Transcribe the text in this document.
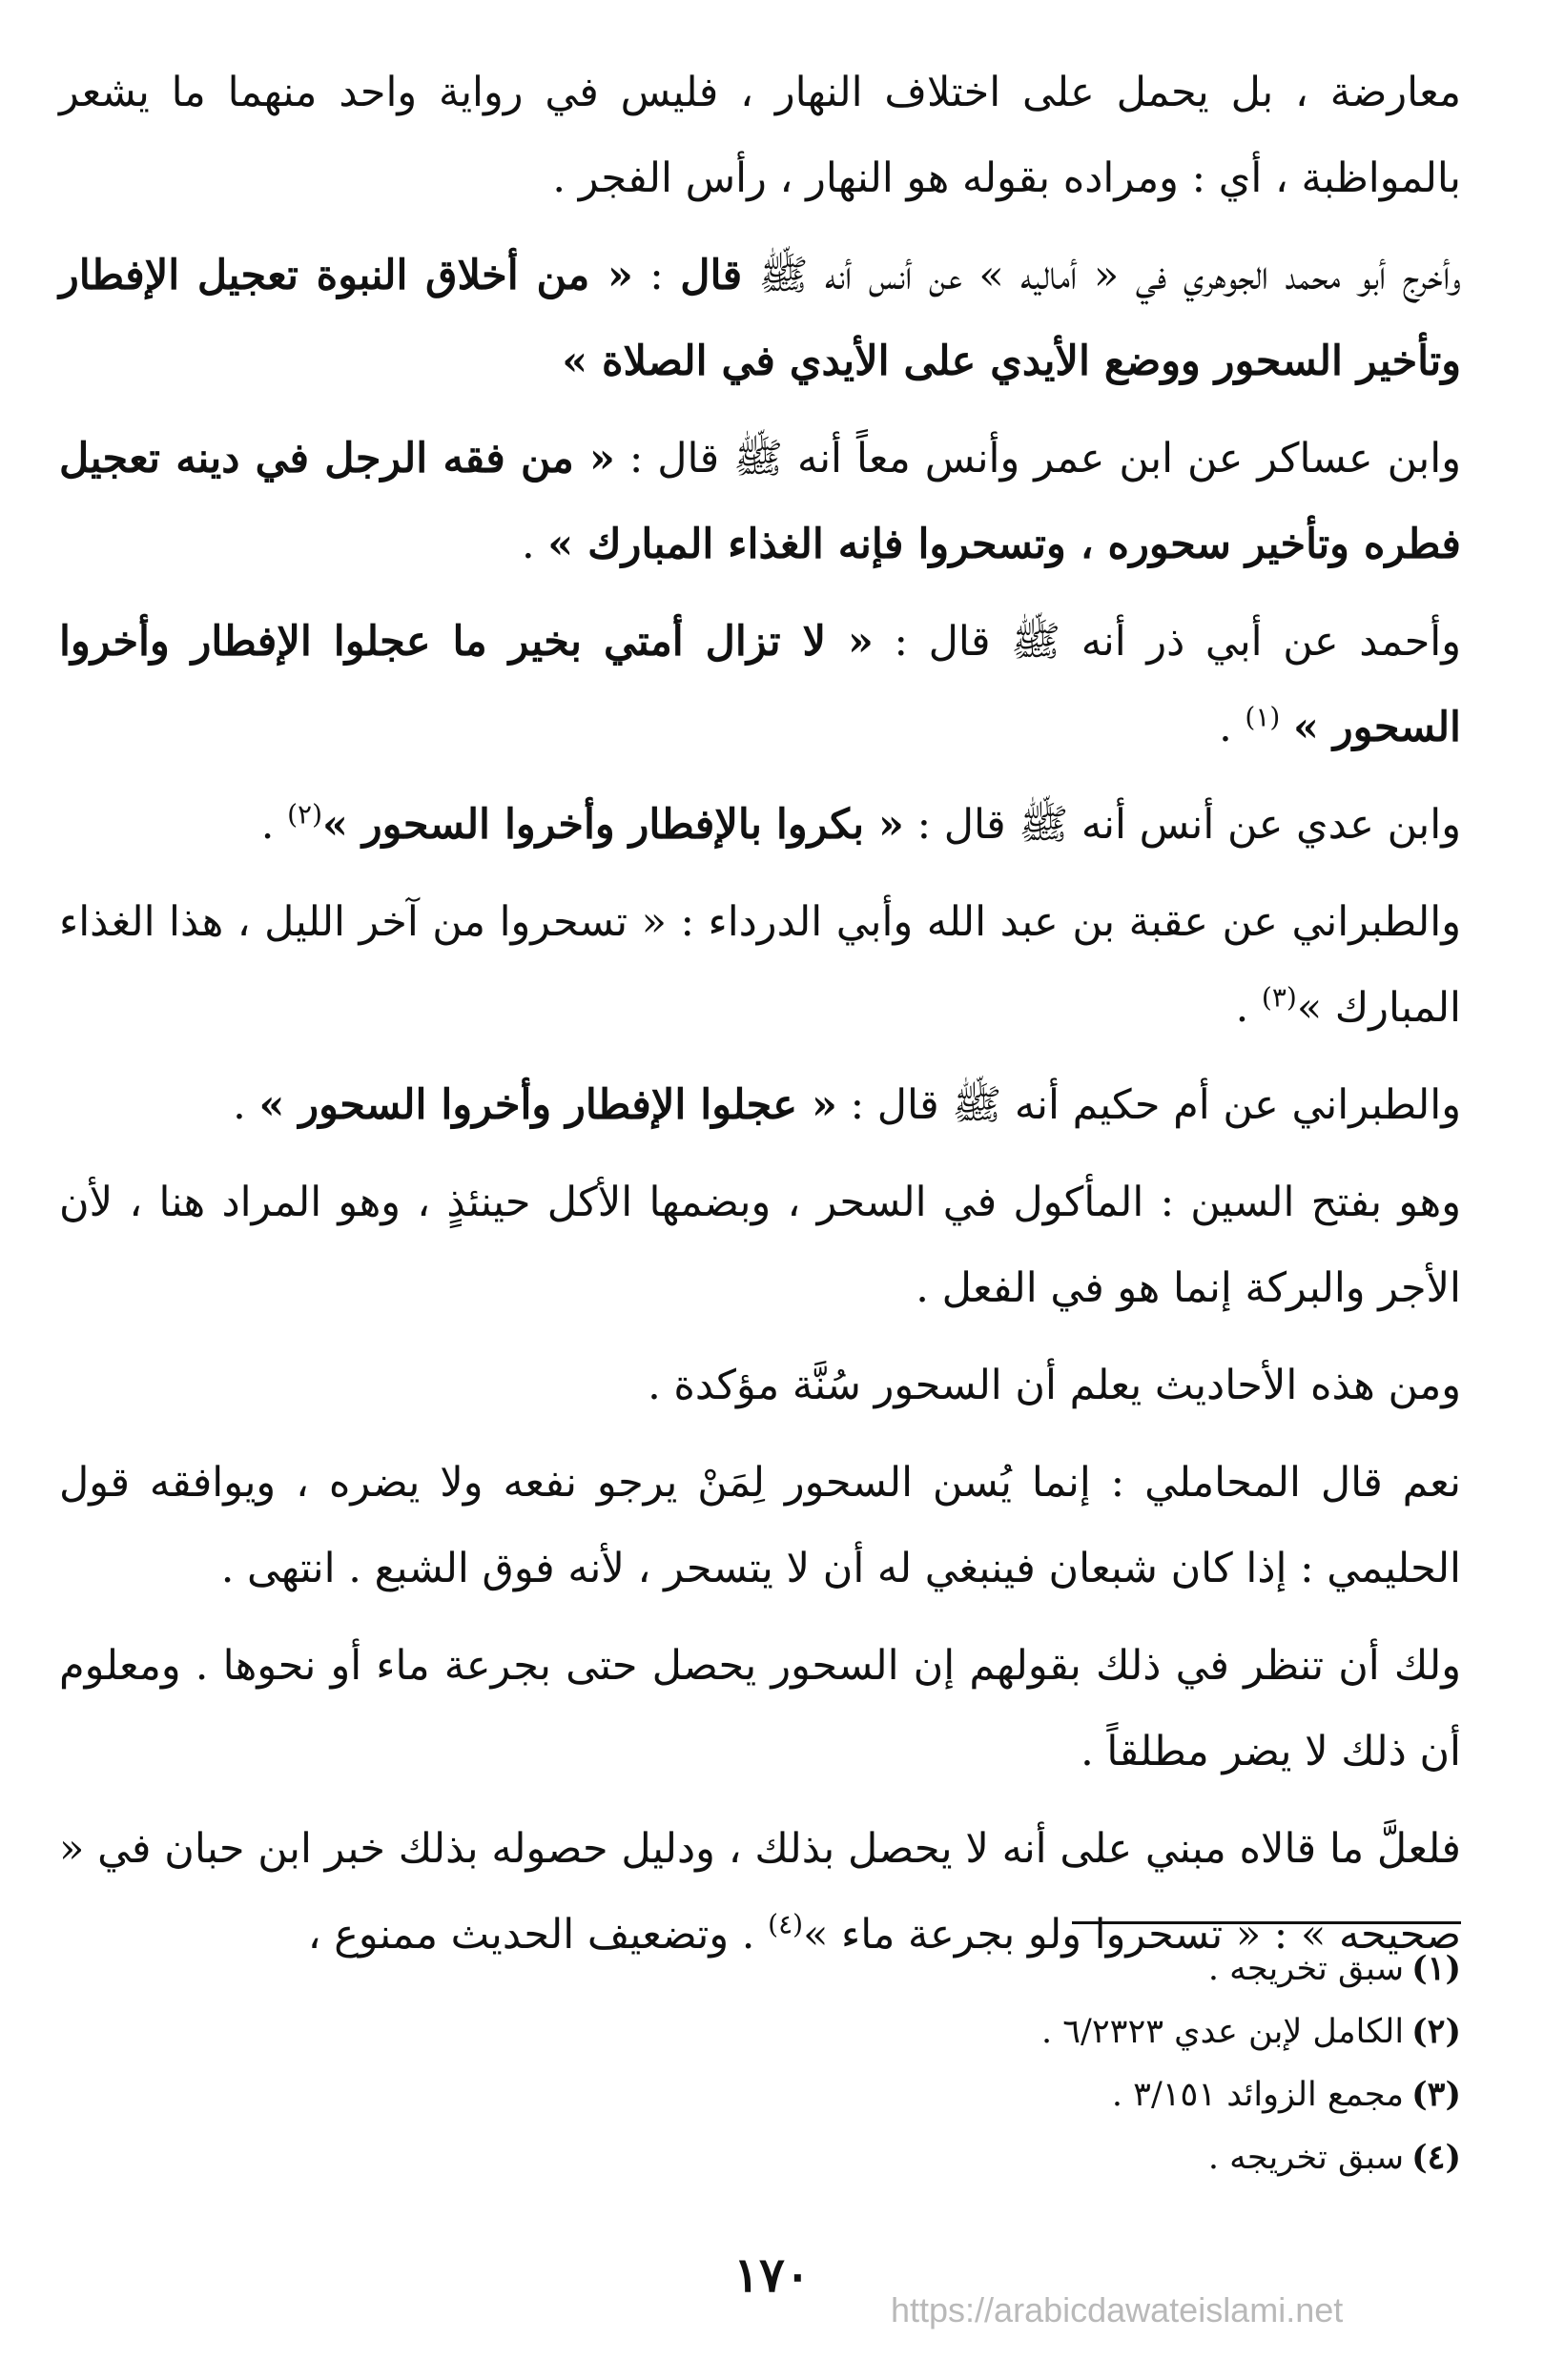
معارضة ، بل يحمل على اختلاف النهار ، فليس في رواية واحد منهما ما يشعر بالمواظبة ، أي : ومراده بقوله هو النهار ، رأس الفجر .

وأخرج أبو محمد الجوهري في « أماليه » عن أنس أنه ﷺ قال : « من أخلاق النبوة تعجيل الإفطار وتأخير السحور ووضع الأيدي على الأيدي في الصلاة »

وابن عساكر عن ابن عمر وأنس معاً أنه ﷺ قال : « من فقه الرجل في دينه تعجيل فطره وتأخير سحوره ، وتسحروا فإنه الغذاء المبارك » .

وأحمد عن أبي ذر أنه ﷺ قال : « لا تزال أمتي بخير ما عجلوا الإفطار وأخروا السحور » $^{(١)}$ .

وابن عدي عن أنس أنه ﷺ قال : « بكروا بالإفطار وأخروا السحور »$^{(٢)}$ .

والطبراني عن عقبة بن عبد الله وأبي الدرداء : « تسحروا من آخر الليل ، هذا الغذاء المبارك »$^{(٣)}$ .

والطبراني عن أم حكيم أنه ﷺ قال : « عجلوا الإفطار وأخروا السحور » .

وهو بفتح السين : المأكول في السحر ، وبضمها الأكل حينئذٍ ، وهو المراد هنا ، لأن الأجر والبركة إنما هو في الفعل .

ومن هذه الأحاديث يعلم أن السحور سُنَّة مؤكدة .

نعم قال المحاملي : إنما يُسن السحور لِمَنْ يرجو نفعه ولا يضره ، ويوافقه قول الحليمي : إذا كان شبعان فينبغي له أن لا يتسحر ، لأنه فوق الشبع . انتهى .

ولك أن تنظر في ذلك بقولهم إن السحور يحصل حتى بجرعة ماء أو نحوها . ومعلوم أن ذلك لا يضر مطلقاً .

فلعلَّ ما قالاه مبني على أنه لا يحصل بذلك ، ودليل حصوله بذلك خبر ابن حبان في « صحيحه » : « تسحروا ولو بجرعة ماء »$^{(٤)}$ . وتضعيف الحديث ممنوع ،

(١)سبق تخريجه .
(٢)الكامل لإبن عدي ٦/٢٣٢٣ .
(٣)مجمع الزوائد ٣/١٥١ .
(٤)سبق تخريجه .
١٧٠
https://arabicdawateislami.net
